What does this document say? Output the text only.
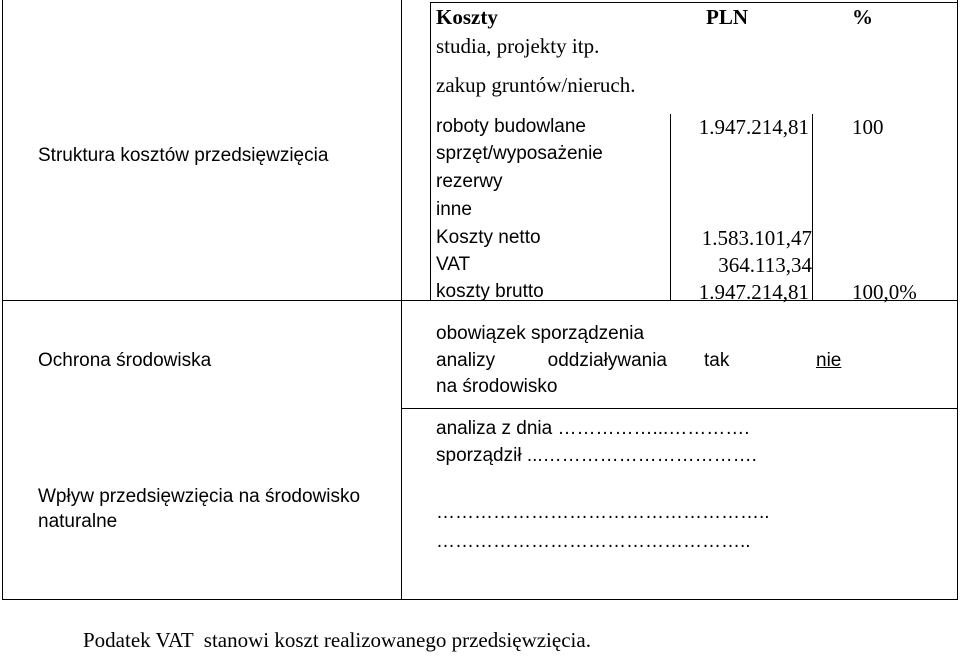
Koszty	PLN	%
studia, projekty itp.
zakup gruntów/nieruch.
roboty budowlane	1.947.214,81 100
sprzęt/wyposażenie
rezerwy
inne
Koszty netto	1.583.101,47
VAT	364.113,34
koszty brutto	1.947.214,81 100,0%
Struktura kosztów przedsięwzięcia
Ochrona środowiska
Wpływ przedsięwzięcia na środowisko
naturalne
obowiązek sporządzenia
analizy	oddziaływania
na środowisko
tak	nie
analiza z dnia ……………...………….
sporządził ...…………………………….
……………………………………………..
…………………………………………..
Podatek VAT  stanowi koszt realizowanego przedsięwzięcia.
